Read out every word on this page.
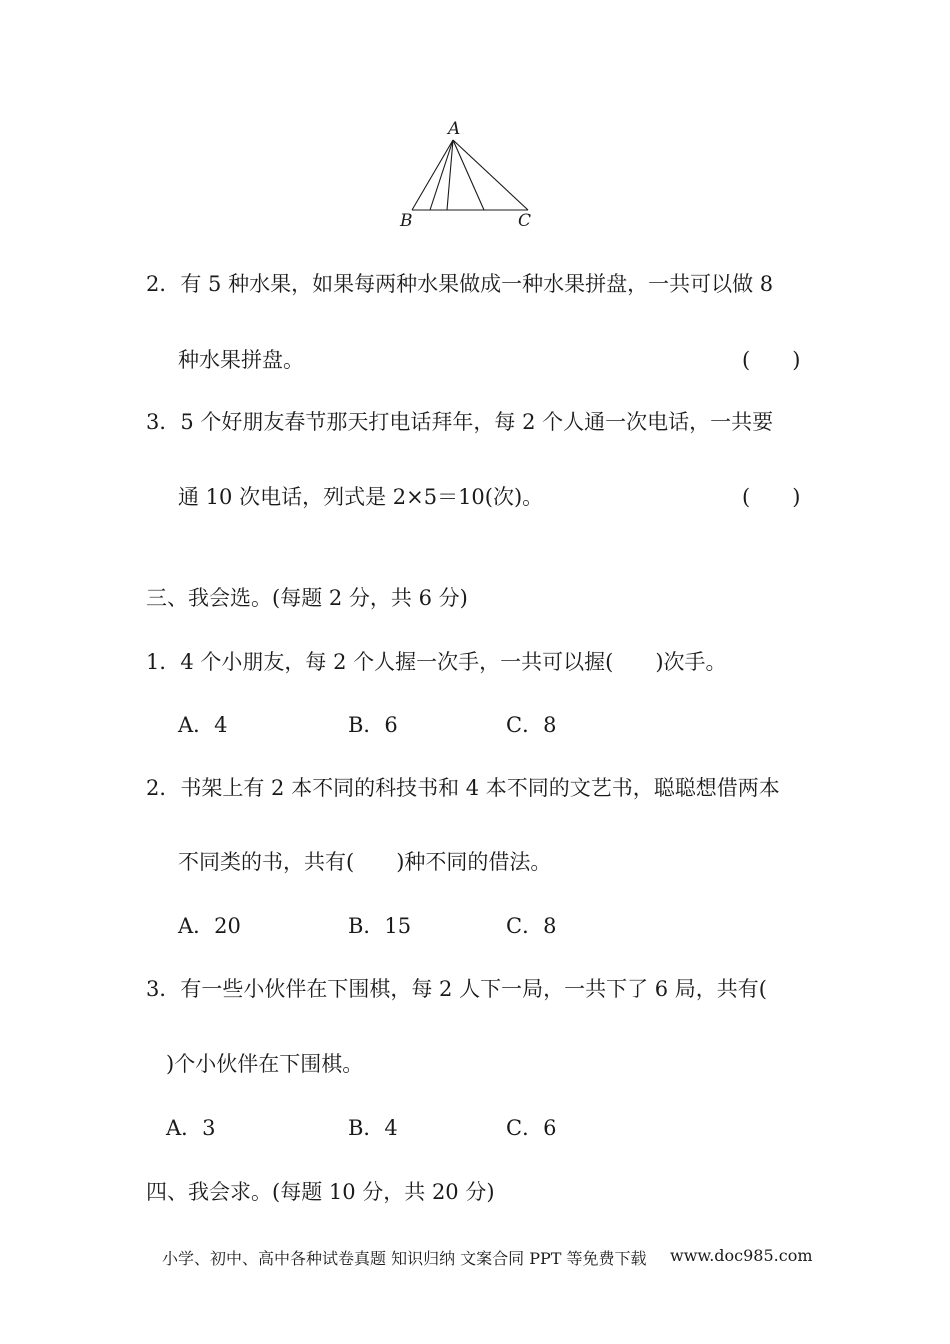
A
B	C
2．有 5 种水果，如果每两种水果做成一种水果拼盘，一共可以做 8
种水果拼盘。	(　　)
3．5 个好朋友春节那天打电话拜年，每 2 个人通一次电话，一共要
通 10 次电话，列式是 2×5＝10(次)。	(　　)
三、我会选。(每题 2 分，共 6 分)
1．4 个小朋友，每 2 个人握一次手，一共可以握(　　)次手。
A．4	B．6	C．8
2．书架上有 2 本不同的科技书和 4 本不同的文艺书，聪聪想借两本
不同类的书，共有(　　)种不同的借法。
A．20	B．15	C．8
3．有一些小伙伴在下围棋，每 2 人下一局，一共下了 6 局，共有(
)个小伙伴在下围棋。
A．3	B．4	C．6
四、我会求。(每题 10 分，共 20 分)
小学、初中、高中各种试卷真题 知识归纳 文案合同 PPT 等免费下载 www.doc985.com
